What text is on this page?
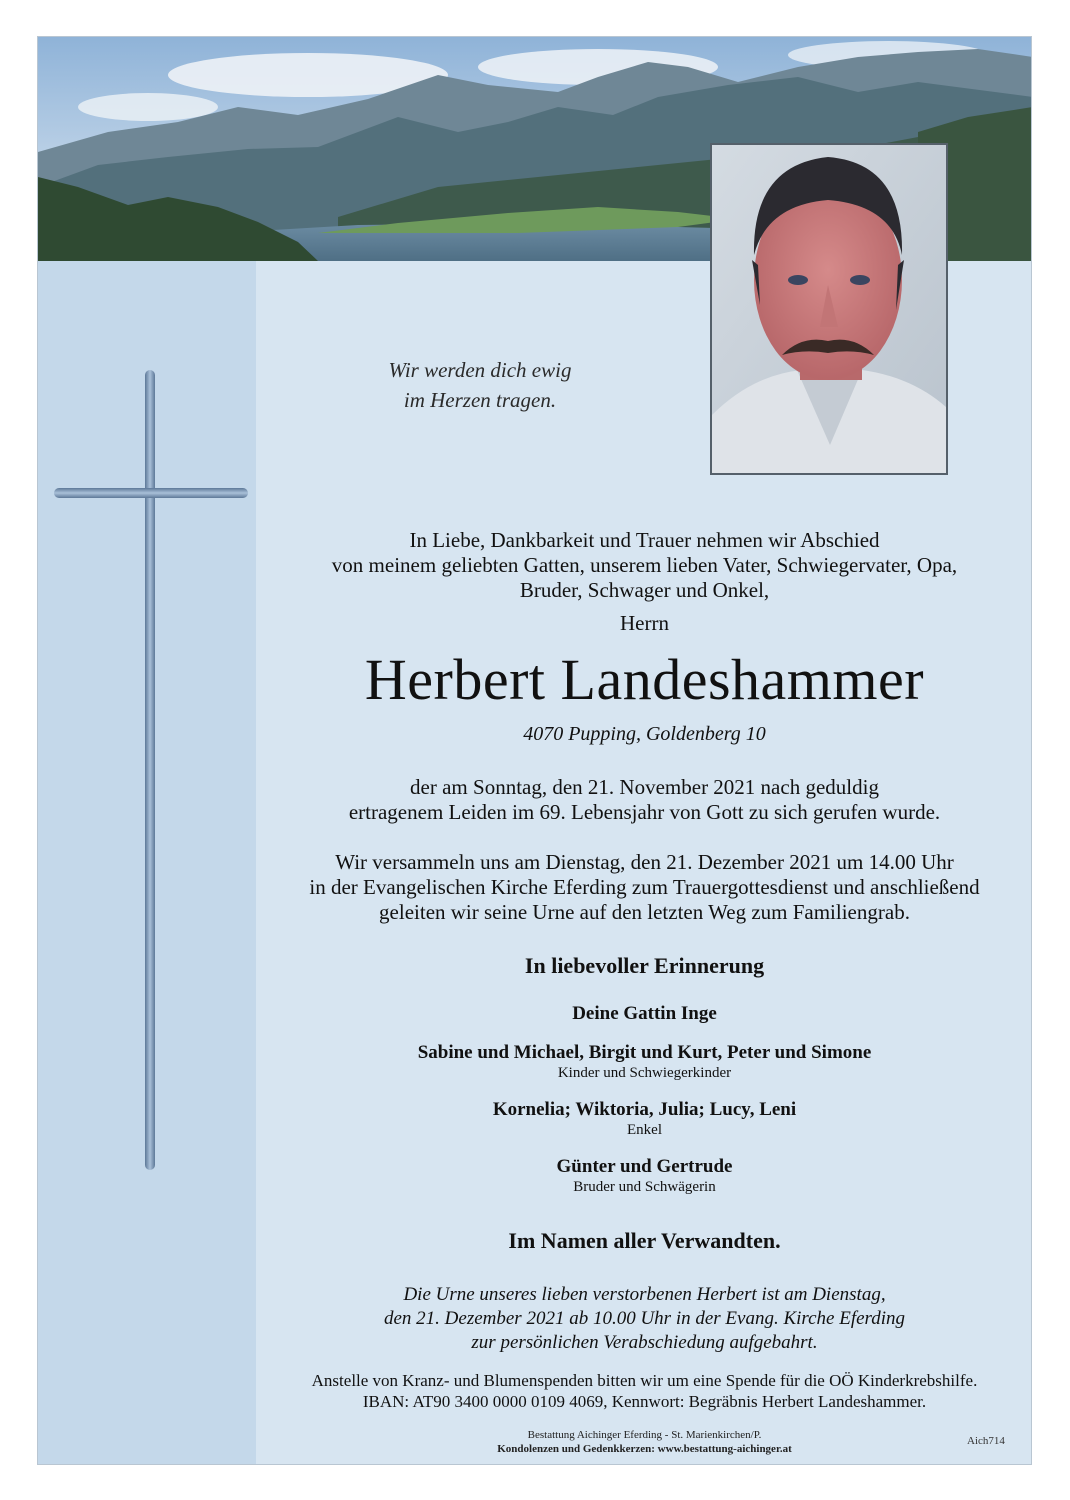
Wir werden dich ewig
im Herzen tragen.
In Liebe, Dankbarkeit und Trauer nehmen wir Abschied
von meinem geliebten Gatten, unserem lieben Vater, Schwiegervater, Opa,
Bruder, Schwager und Onkel,
Herrn
Herbert Landeshammer
4070 Pupping, Goldenberg 10
der am Sonntag, den 21. November 2021 nach geduldig
ertragenem Leiden im 69. Lebensjahr von Gott zu sich gerufen wurde.
Wir versammeln uns am Dienstag, den 21. Dezember 2021 um 14.00 Uhr
in der Evangelischen Kirche Eferding zum Trauergottesdienst und anschließend
geleiten wir seine Urne auf den letzten Weg zum Familiengrab.
In liebevoller Erinnerung
Deine Gattin Inge
Sabine und Michael, Birgit und Kurt, Peter und Simone
Kinder und Schwiegerkinder
Kornelia; Wiktoria, Julia; Lucy, Leni
Enkel
Günter und Gertrude
Bruder und Schwägerin
Im Namen aller Verwandten.
Die Urne unseres lieben verstorbenen Herbert ist am Dienstag,
den 21. Dezember 2021 ab 10.00 Uhr in der Evang. Kirche Eferding
zur persönlichen Verabschiedung aufgebahrt.
Anstelle von Kranz- und Blumenspenden bitten wir um eine Spende für die OÖ Kinderkrebshilfe.
IBAN: AT90 3400 0000 0109 4069, Kennwort: Begräbnis Herbert Landeshammer.
Bestattung Aichinger Eferding - St. Marienkirchen/P.
Kondolenzen und Gedenkkerzen: www.bestattung-aichinger.at
Aich714
